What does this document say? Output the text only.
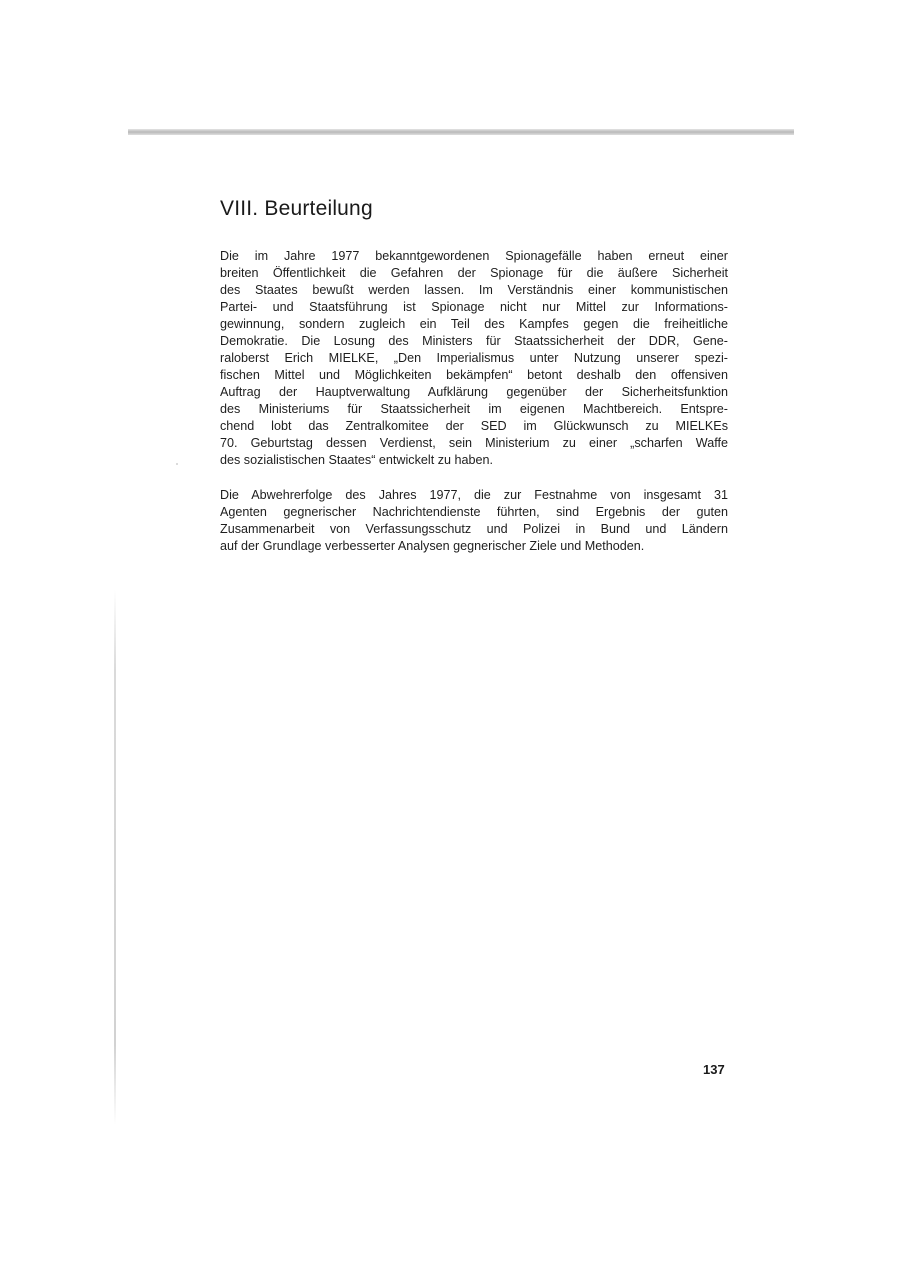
VIII. Beurteilung
Die im Jahre 1977 bekanntgewordenen Spionagefälle haben erneut einer
breiten Öffentlichkeit die Gefahren der Spionage für die äußere Sicherheit
des Staates bewußt werden lassen. Im Verständnis einer kommunistischen
Partei- und Staatsführung ist Spionage nicht nur Mittel zur Informations-
gewinnung, sondern zugleich ein Teil des Kampfes gegen die freiheitliche
Demokratie. Die Losung des Ministers für Staatssicherheit der DDR, Gene-
raloberst Erich MIELKE, „Den Imperialismus unter Nutzung unserer spezi-
fischen Mittel und Möglichkeiten bekämpfen“ betont deshalb den offensiven
Auftrag der Hauptverwaltung Aufklärung gegenüber der Sicherheitsfunktion
des Ministeriums für Staatssicherheit im eigenen Machtbereich. Entspre-
chend lobt das Zentralkomitee der SED im Glückwunsch zu MIELKEs
70. Geburtstag dessen Verdienst, sein Ministerium zu einer „scharfen Waffe
des sozialistischen Staates“ entwickelt zu haben.
Die Abwehrerfolge des Jahres 1977, die zur Festnahme von insgesamt 31
Agenten gegnerischer Nachrichtendienste führten, sind Ergebnis der guten
Zusammenarbeit von Verfassungsschutz und Polizei in Bund und Ländern
auf der Grundlage verbesserter Analysen gegnerischer Ziele und Methoden.
137
